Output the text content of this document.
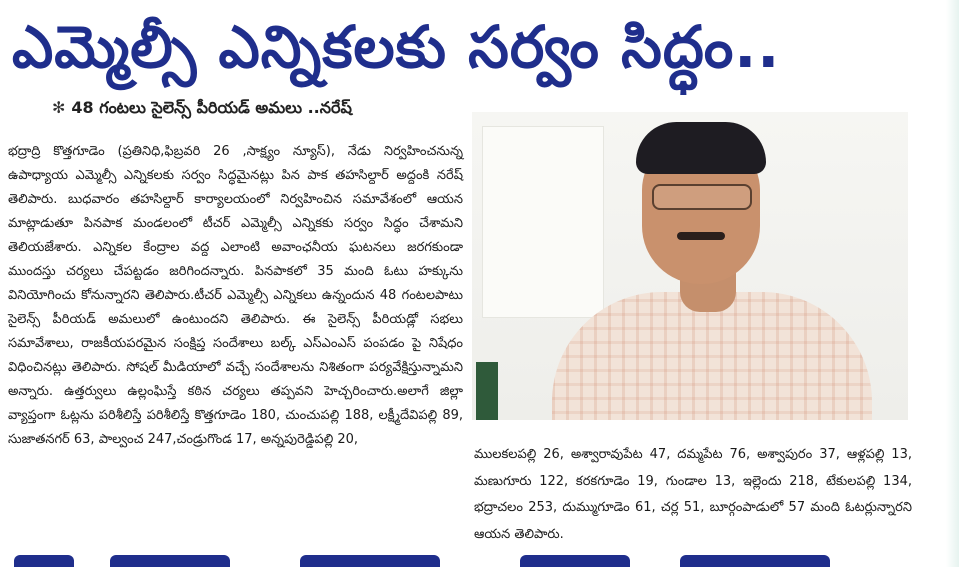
ఎమ్మెల్సీ ఎన్నికలకు సర్వం సిద్ధం..
✻ 48 గంటలు సైలెన్స్ పీరియడ్ అమలు ..నరేష్

భద్రాద్రి కొత్తగూడెం (ప్రతినిధి,ఫిబ్రవరి 26 ,సాక్ష్యం న్యూస్), నేడు నిర్వహించనున్న ఉపాధ్యాయ ఎమ్మెల్సీ ఎన్నికలకు సర్వం సిద్ధమైనట్లు పిన పాక తహసిల్దార్ అద్దంకి నరేష్ తెలిపారు. బుధవారం తహసిల్దార్ కార్యాలయంలో నిర్వహించిన సమావేశంలో ఆయన మాట్లాడుతూ పినపాక మండలంలో టీచర్ ఎమ్మెల్సీ ఎన్నికకు సర్వం సిద్ధం చేశామని తెలియజేశారు. ఎన్నికల కేంద్రాల వద్ద ఎలాంటి అవాంఛనీయ ఘటనలు జరగకుండా ముందస్తు చర్యలు చేపట్టడం జరిగిందన్నారు. పినపాకలో 35 మంది ఓటు హక్కును వినియోగించు కోనున్నారని తెలిపారు.టీచర్ ఎమ్మెల్సీ ఎన్నికలు ఉన్నందున 48 గంటలపాటు సైలెన్స్ పీరియడ్ అమలులో ఉంటుందని తెలిపారు. ఈ సైలెన్స్ పీరియడ్లో సభలు సమావేశాలు, రాజకీయపరమైన సంక్షిప్త సందేశాలు బల్క్ ఎస్ఎంఎస్ పంపడం పై నిషేధం విధించినట్లు తెలిపారు. సోషల్ మీడియాలో వచ్చే సందేశాలను నిశితంగా పర్యవేక్షిస్తున్నామని అన్నారు. ఉత్తర్వులు ఉల్లంఘిస్తే కఠిన చర్యలు తప్పవని హెచ్చరించారు.అలాగే జిల్లా వ్యాప్తంగా ఓట్లను పరిశీలిస్తే పరిశీలిస్తే కొత్తగూడెం 180, చుంచుపల్లి 188, లక్ష్మీదేవిపల్లి 89, సుజాతనగర్ 63, పాల్వంచ 247,చండ్రుగొండ 17, అన్నపురెడ్డిపల్లి 20,

ములకలపల్లి 26, అశ్వారావుపేట 47, దమ్మపేట 76, అశ్వాపురం 37, ఆళ్లపల్లి 13, మణుగూరు 122, కరకగూడెం 19, గుండాల 13, ఇల్లెందు 218, టేకులపల్లి 134, భద్రాచలం 253, దుమ్ముగూడెం 61, చర్ల 51, బూర్గంపాడులో 57 మంది ఓటర్లున్నారని ఆయన తెలిపారు.
